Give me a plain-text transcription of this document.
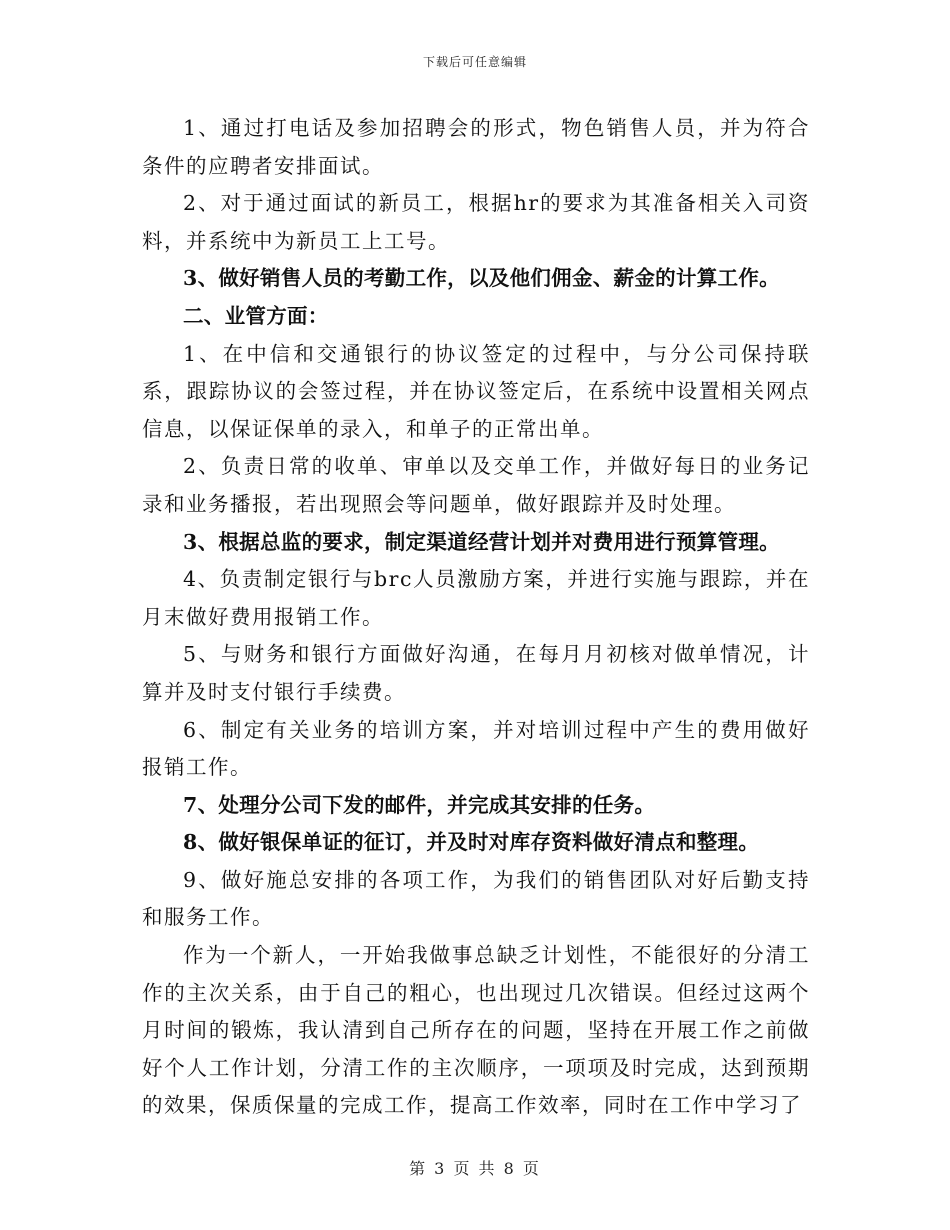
下载后可任意编辑

1、通过打电话及参加招聘会的形式，物色销售人员，并为符合条件的应聘者安排面试。

2、对于通过面试的新员工，根据hr的要求为其准备相关入司资料，并系统中为新员工上工号。

3、做好销售人员的考勤工作，以及他们佣金、薪金的计算工作。

二、业管方面：

1、在中信和交通银行的协议签定的过程中，与分公司保持联系，跟踪协议的会签过程，并在协议签定后，在系统中设置相关网点信息，以保证保单的录入，和单子的正常出单。

2、负责日常的收单、审单以及交单工作，并做好每日的业务记录和业务播报，若出现照会等问题单，做好跟踪并及时处理。

3、根据总监的要求，制定渠道经营计划并对费用进行预算管理。

4、负责制定银行与brc人员激励方案，并进行实施与跟踪，并在月末做好费用报销工作。

5、与财务和银行方面做好沟通，在每月月初核对做单情况，计算并及时支付银行手续费。

6、制定有关业务的培训方案，并对培训过程中产生的费用做好报销工作。

7、处理分公司下发的邮件，并完成其安排的任务。

8、做好银保单证的征订，并及时对库存资料做好清点和整理。

9、做好施总安排的各项工作，为我们的销售团队对好后勤支持和服务工作。

作为一个新人，一开始我做事总缺乏计划性，不能很好的分清工作的主次关系，由于自己的粗心，也出现过几次错误。但经过这两个月时间的锻炼，我认清到自己所存在的问题，坚持在开展工作之前做好个人工作计划，分清工作的主次顺序，一项项及时完成，达到预期的效果，保质保量的完成工作，提高工作效率，同时在工作中学习了

第 3 页 共 8 页
